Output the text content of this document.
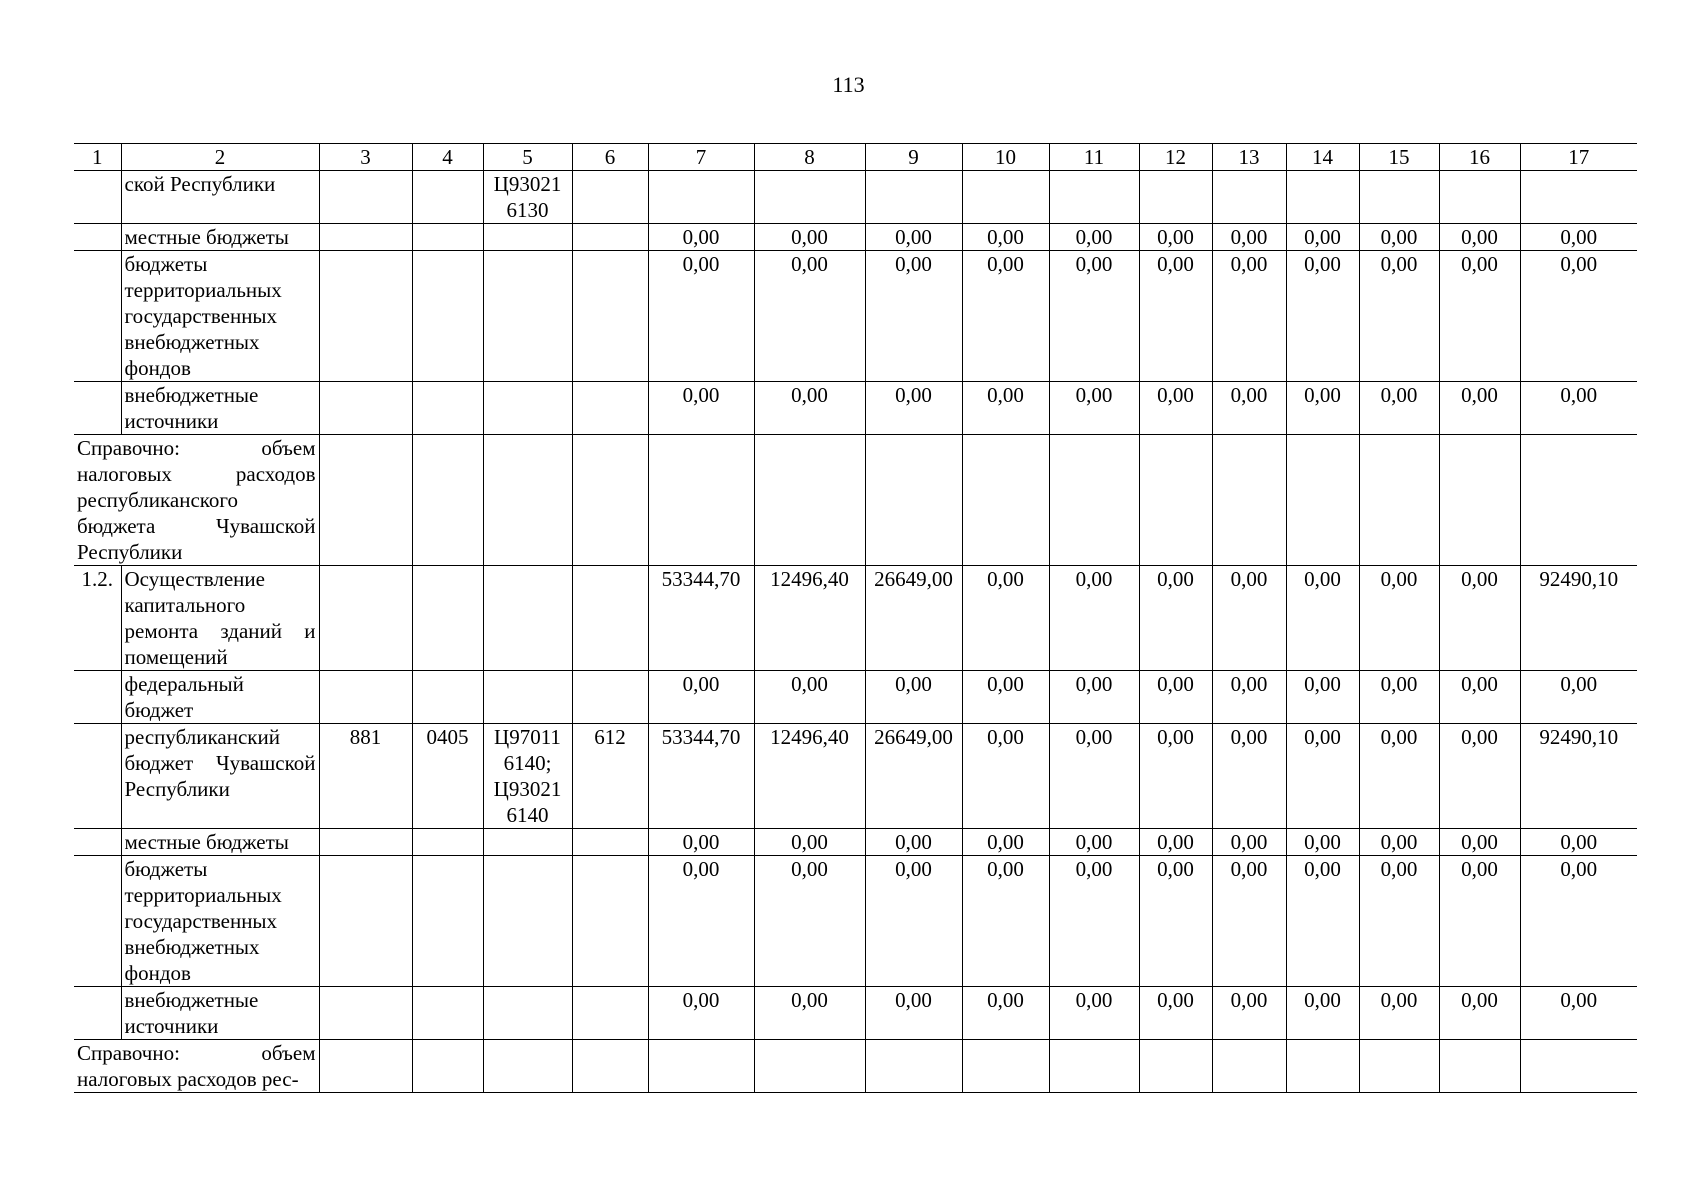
113
1	2	3	4	5	6	7	8	9	10	11	12	13	14	15	16	17
	ской Республики			Ц93021 6130												
	местные бюджеты					0,00	0,00	0,00	0,00	0,00	0,00	0,00	0,00	0,00	0,00	0,00
	бюджеты территориальных государственных внебюджетных фондов					0,00	0,00	0,00	0,00	0,00	0,00	0,00	0,00	0,00	0,00	0,00
	внебюджетные источники					0,00	0,00	0,00	0,00	0,00	0,00	0,00	0,00	0,00	0,00	0,00
Справочно: объем налоговых расходов республиканского бюджета Чувашской Республики																
1.2.	Осуществление капитального ремонта зданий и помещений					53344,70	12496,40	26649,00	0,00	0,00	0,00	0,00	0,00	0,00	0,00	92490,10
	федеральный бюджет					0,00	0,00	0,00	0,00	0,00	0,00	0,00	0,00	0,00	0,00	0,00
	республиканский бюджет Чувашской Республики	881	0405	Ц97011 6140; Ц93021 6140	612	53344,70	12496,40	26649,00	0,00	0,00	0,00	0,00	0,00	0,00	0,00	92490,10
	местные бюджеты					0,00	0,00	0,00	0,00	0,00	0,00	0,00	0,00	0,00	0,00	0,00
	бюджеты территориальных государственных внебюджетных фондов					0,00	0,00	0,00	0,00	0,00	0,00	0,00	0,00	0,00	0,00	0,00
	внебюджетные источники					0,00	0,00	0,00	0,00	0,00	0,00	0,00	0,00	0,00	0,00	0,00
Справочно: объем налоговых расходов рес-																
